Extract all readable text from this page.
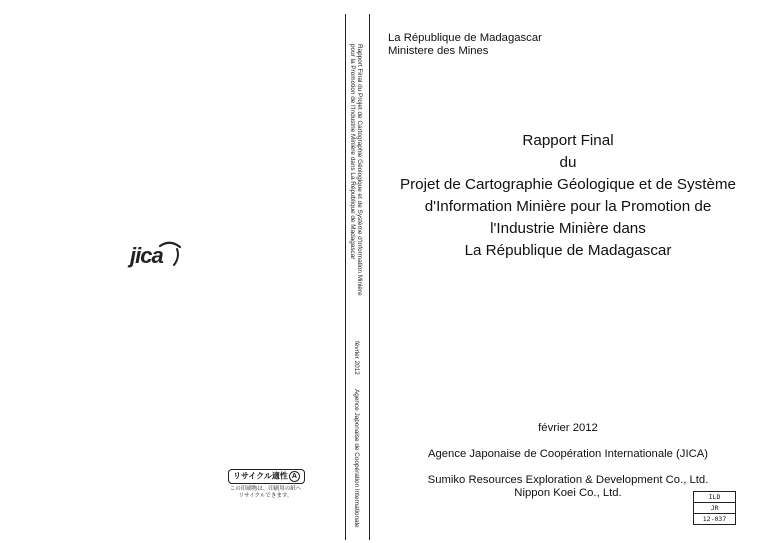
jica
リサイクル適性 A
この印刷物は、印刷用の紙へ
リサイクルできます。
Rapport Final du Projet de Cartographie Géologique et de Système d'Information Minière
pour la Promotion de l'Industrie Minière dans La République de Madagascar
février 2012
Agence Japonaise de Coopération Internationale
La République de Madagascar
Ministere des Mines
Rapport Final
du
Projet de Cartographie Géologique et de Système
d'Information Minière pour la Promotion de
l'Industrie Minière dans
La République de Madagascar
février 2012
Agence Japonaise de Coopération Internationale (JICA)
Sumiko Resources Exploration & Development Co., Ltd.
Nippon Koei Co., Ltd.	ILD
JR
12-037
